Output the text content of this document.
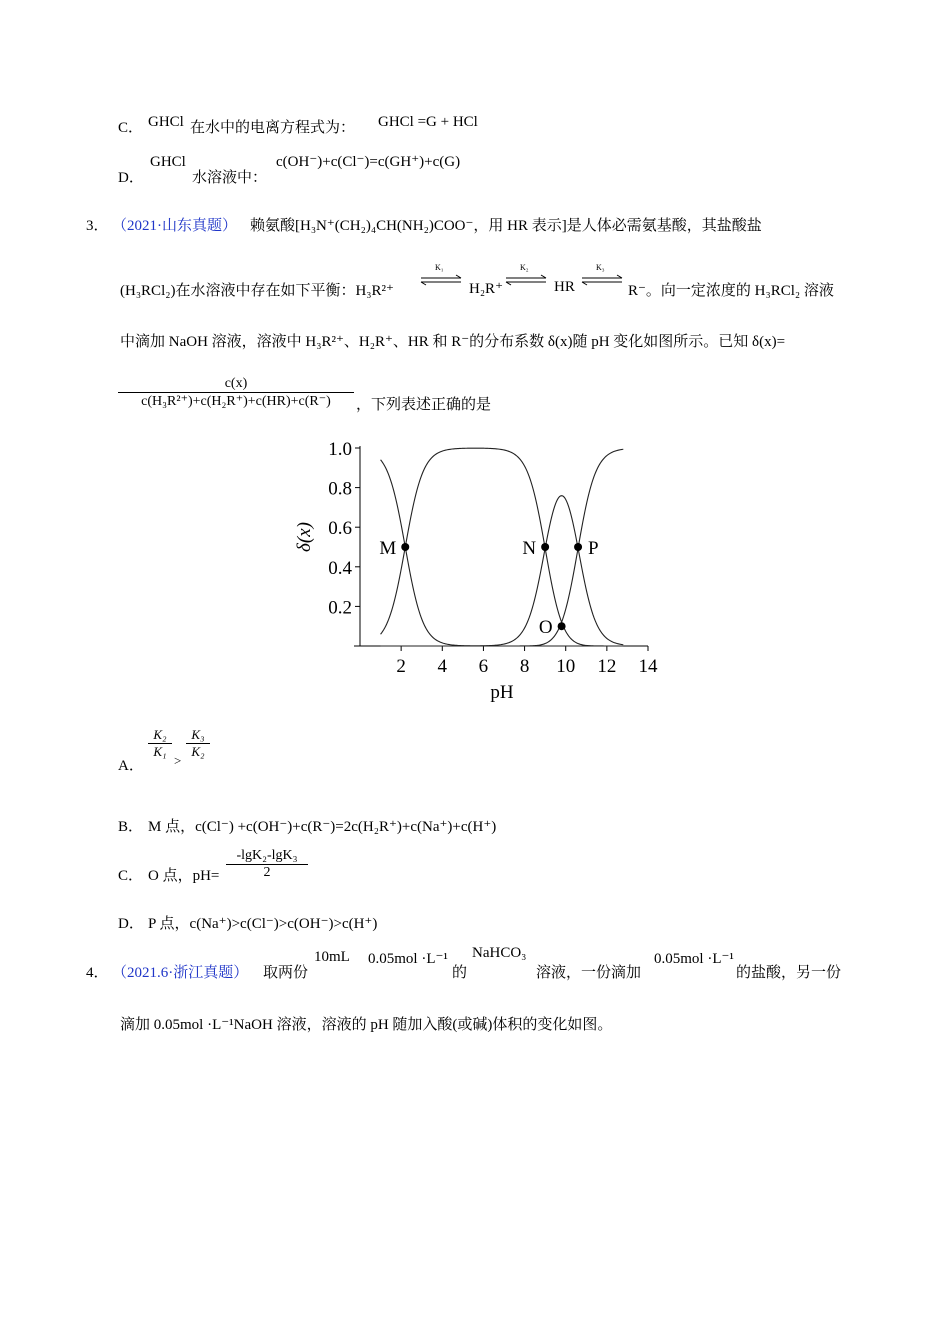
C． GHCl 在水中的电离方程式为： GHCl =G + HCl
D．
GHCl
水溶液中：
c(OH⁻)+c(Cl⁻)=c(GH⁺)+c(G)
3． （2021·山东真题） 赖氨酸[H₃N⁺(CH₂)₄CH(NH₂)COO⁻，用 HR 表示]是人体必需氨基酸，其盐酸盐
(H₃RCl₂)在水溶液中存在如下平衡：H₃R²⁺
K₁
H₂R⁺
K₂
HR
K₃
R⁻。向一定浓度的 H₃RCl₂ 溶液
中滴加 NaOH 溶液，溶液中 H₃R²⁺、H₂R⁺、HR 和 R⁻的分布系数 δ(x)随 pH 变化如图所示。已知 δ(x)=
c(x)
c(H₃R²⁺)+c(H₂R⁺)+c(HR)+c(R⁻)	，下列表述正确的是
2 4 6 8 10 12 14
0.2
0.4
0.6
0.8
1.0
pH
δ(x)	M	N	P
O
A．
K₂
K₁
>
K₃
K₂
B． M 点，c(Cl⁻) +c(OH⁻)+c(R⁻)=2c(H₂R⁺)+c(Na⁺)+c(H⁺)
C． O 点，pH=
-lgK₂-lgK₃
2
D． P 点，c(Na⁺)>c(Cl⁻)>c(OH⁻)>c(H⁺)
4． （2021.6·浙江真题） 取两份
10mL 0.05mol ·L⁻¹
的
NaHCO₃
溶液，一份滴加
0.05mol ·L⁻¹
的盐酸，另一份
滴加 0.05mol ·L⁻¹NaOH 溶液，溶液的 pH 随加入酸(或碱)体积的变化如图。
